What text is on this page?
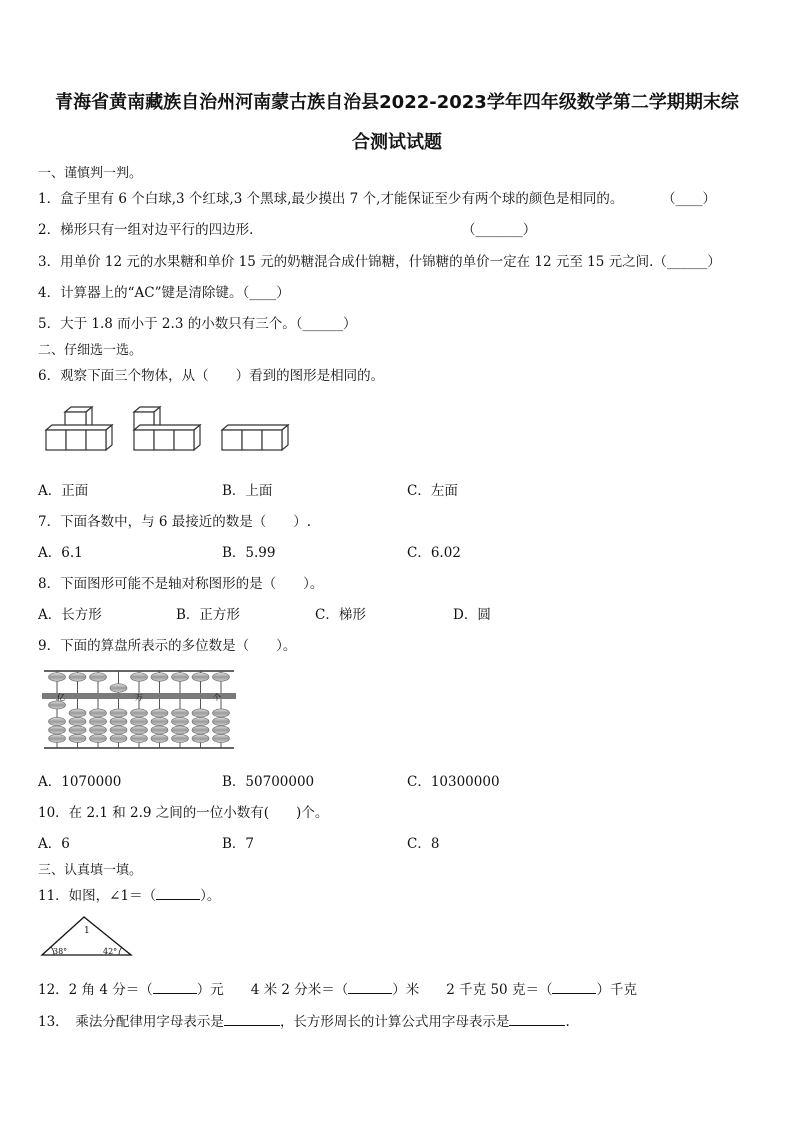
青海省黄南藏族自治州河南蒙古族自治县2022-2023学年四年级数学第二学期期末综
合测试试题
一、谨慎判一判。
1．盒子里有 6 个白球,3 个红球,3 个黑球,最少摸出 7 个,才能保证至少有两个球的颜色是相同的。	（____）
2．梯形只有一组对边平行的四边形.	（_______）
3．用单价 12 元的水果糖和单价 15 元的奶糖混合成什锦糖，什锦糖的单价一定在 12 元至 15 元之间.（______）
4．计算器上的“AC”键是清除键。（____）
5．大于 1.8 而小于 2.3 的小数只有三个。（______）
二、仔细选一选。
6．观察下面三个物体，从（　　）看到的图形是相同的。
A．正面	B．上面	C．左面
7．下面各数中，与 6 最接近的数是（　　）.
A．6.1	B．5.99	C．6.02
8．下面图形可能不是轴对称图形的是（　　）。
A．长方形	B．正方形	C．梯形	D．圆
9．下面的算盘所表示的多位数是（　　）。
亿	万	个
A．1070000	B．50700000	C．10300000
10．在 2.1 和 2.9 之间的一位小数有(　　)个。
A．6	B．7	C．8
三、认真填一填。
11．如图，∠1＝（	）。
1
38°	42°
12．2 角 4 分＝（	）元　　4 米 2 分米＝（	）米　　2 千克 50 克＝（	）千克
13．　乘法分配律用字母表示是	，长方形周长的计算公式用字母表示是	.
